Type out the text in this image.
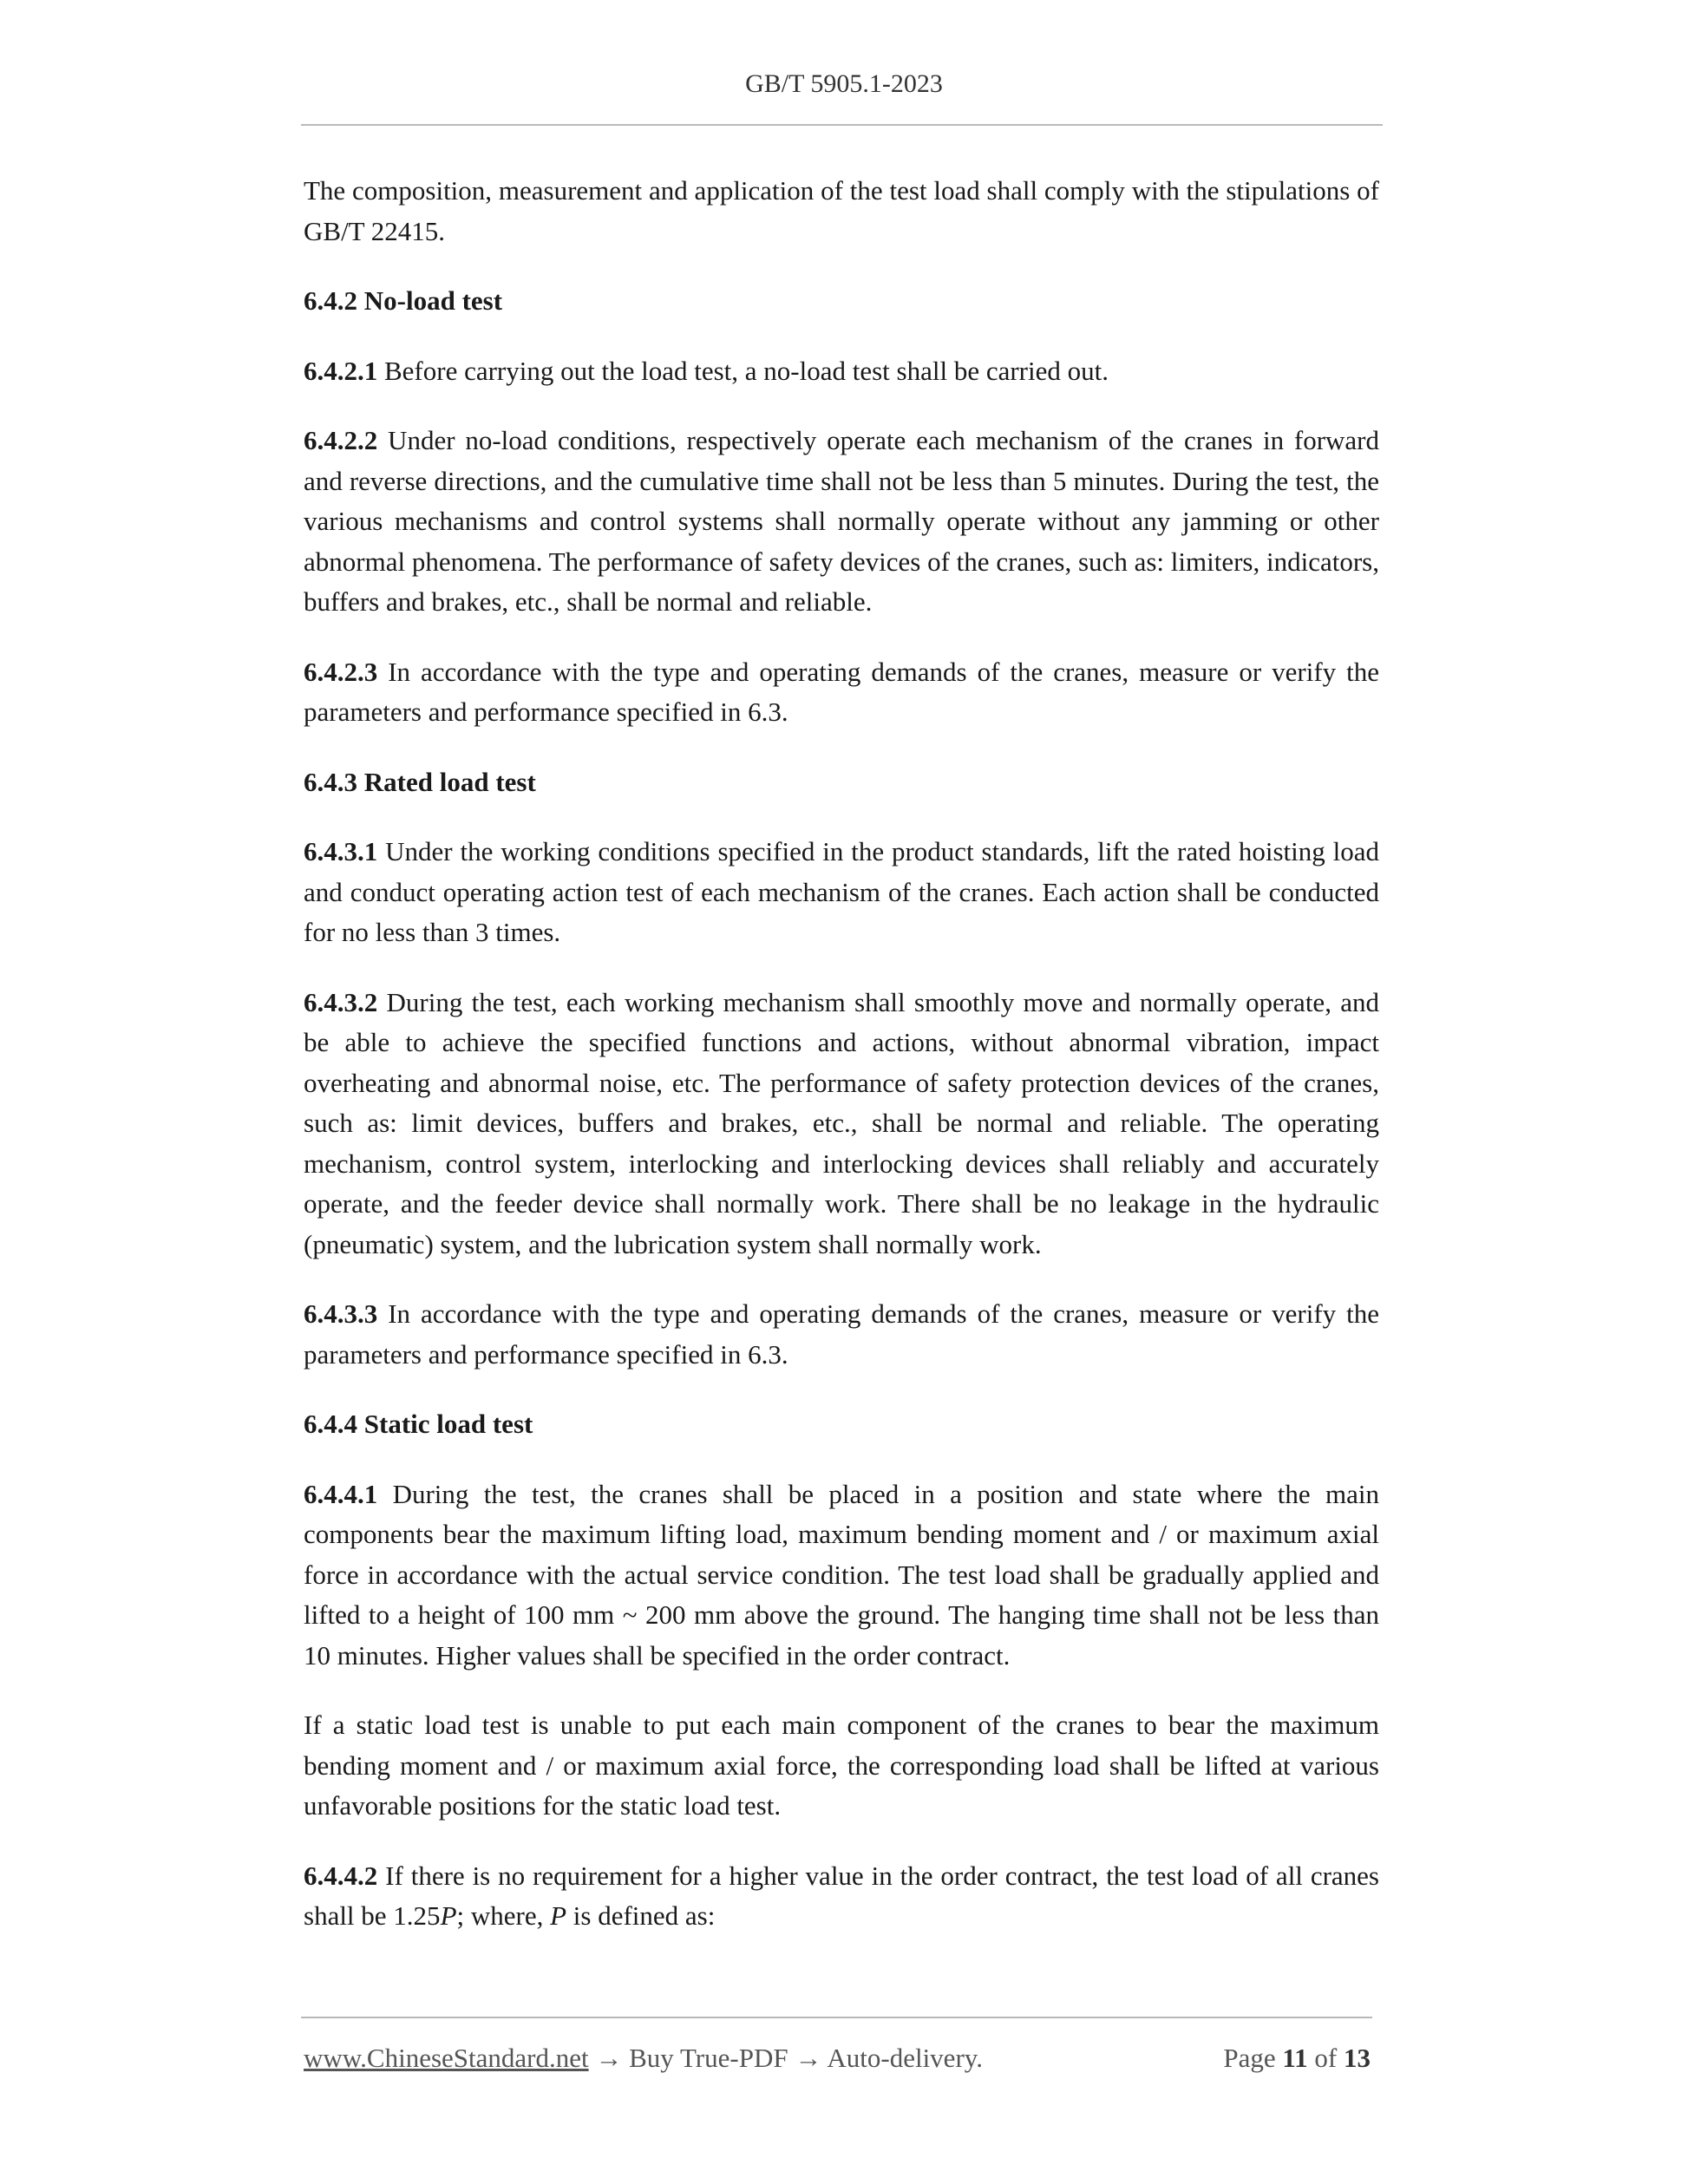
GB/T 5905.1-2023

The composition, measurement and application of the test load shall comply with the stipulations of GB/T 22415.

6.4.2 No-load test

6.4.2.1 Before carrying out the load test, a no-load test shall be carried out.

6.4.2.2 Under no-load conditions, respectively operate each mechanism of the cranes in forward and reverse directions, and the cumulative time shall not be less than 5 minutes. During the test, the various mechanisms and control systems shall normally operate without any jamming or other abnormal phenomena. The performance of safety devices of the cranes, such as: limiters, indicators, buffers and brakes, etc., shall be normal and reliable.

6.4.2.3 In accordance with the type and operating demands of the cranes, measure or verify the parameters and performance specified in 6.3.

6.4.3 Rated load test

6.4.3.1 Under the working conditions specified in the product standards, lift the rated hoisting load and conduct operating action test of each mechanism of the cranes. Each action shall be conducted for no less than 3 times.

6.4.3.2 During the test, each working mechanism shall smoothly move and normally operate, and be able to achieve the specified functions and actions, without abnormal vibration, impact overheating and abnormal noise, etc. The performance of safety protection devices of the cranes, such as: limit devices, buffers and brakes, etc., shall be normal and reliable. The operating mechanism, control system, interlocking and interlocking devices shall reliably and accurately operate, and the feeder device shall normally work. There shall be no leakage in the hydraulic (pneumatic) system, and the lubrication system shall normally work.

6.4.3.3 In accordance with the type and operating demands of the cranes, measure or verify the parameters and performance specified in 6.3.

6.4.4 Static load test

6.4.4.1 During the test, the cranes shall be placed in a position and state where the main components bear the maximum lifting load, maximum bending moment and / or maximum axial force in accordance with the actual service condition. The test load shall be gradually applied and lifted to a height of 100 mm ~ 200 mm above the ground. The hanging time shall not be less than 10 minutes. Higher values shall be specified in the order contract.

If a static load test is unable to put each main component of the cranes to bear the maximum bending moment and / or maximum axial force, the corresponding load shall be lifted at various unfavorable positions for the static load test.

6.4.4.2 If there is no requirement for a higher value in the order contract, the test load of all cranes shall be 1.25P; where, P is defined as:

www.ChineseStandard.net → Buy True-PDF → Auto-delivery.	Page 11 of 13
